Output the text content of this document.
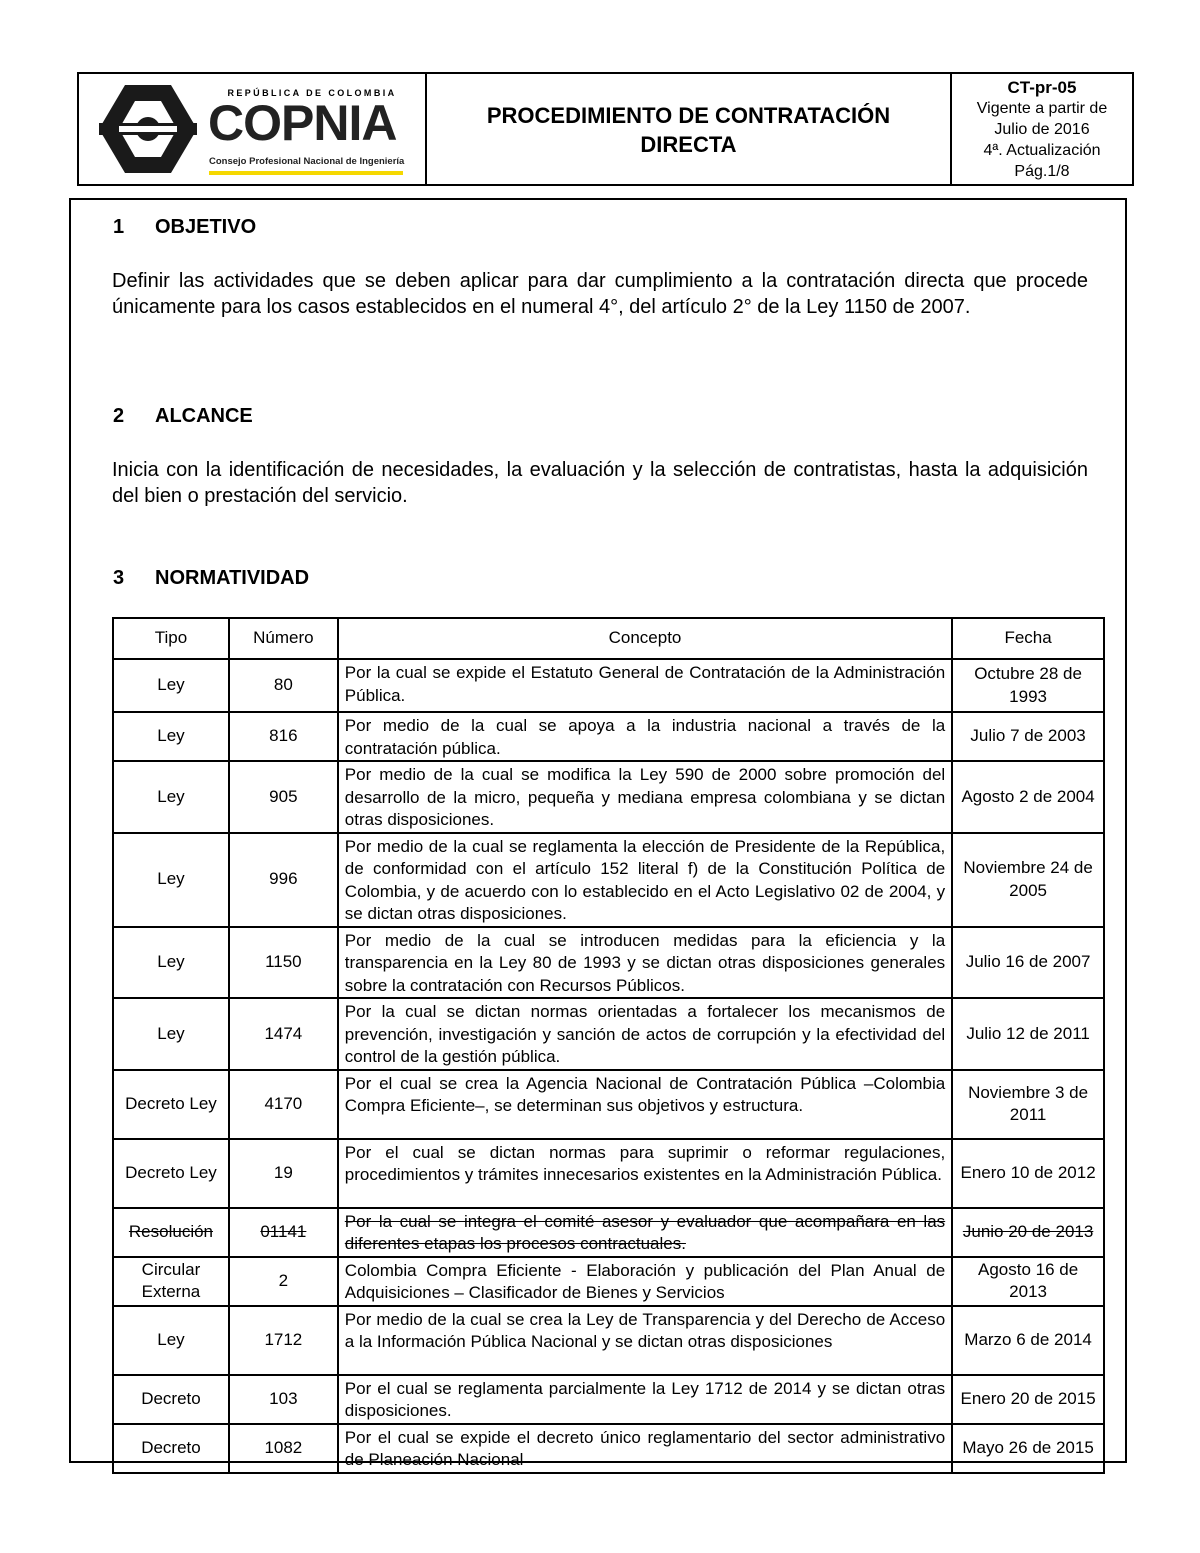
REPÚBLICA DE COLOMBIA
COPNIA
Consejo Profesional Nacional de Ingeniería
PROCEDIMIENTO DE CONTRATACIÓN
DIRECTA
CT-pr-05
Vigente a partir de
Julio de 2016
4ª. Actualización
Pág.1/8
1 OBJETIVO
Definir las actividades que se deben aplicar para dar cumplimiento a la contratación directa que procede únicamente para los casos establecidos en el numeral 4°, del artículo 2° de la Ley 1150 de 2007.
2 ALCANCE
Inicia con la identificación de necesidades, la evaluación y la selección de contratistas, hasta la adquisición del bien o prestación del servicio.
3 NORMATIVIDAD
Tipo	Número	Concepto	Fecha
Ley	80	Por la cual se expide el Estatuto General de Contratación de la Administración Pública.	Octubre 28 de 1993
Ley	816	Por medio de la cual se apoya a la industria nacional a través de la contratación pública.	Julio 7 de 2003
Ley	905	Por medio de la cual se modifica la Ley 590 de 2000 sobre promoción del desarrollo de la micro, pequeña y mediana empresa colombiana y se dictan otras disposiciones.	Agosto 2 de 2004
Ley	996	Por medio de la cual se reglamenta la elección de Presidente de la República, de conformidad con el artículo 152 literal f) de la Constitución Política de Colombia, y de acuerdo con lo establecido en el Acto Legislativo 02 de 2004, y se dictan otras disposiciones.	Noviembre 24 de 2005
Ley	1150	Por medio de la cual se introducen medidas para la eficiencia y la transparencia en la Ley 80 de 1993 y se dictan otras disposiciones generales sobre la contratación con Recursos Públicos.	Julio 16 de 2007
Ley	1474	Por la cual se dictan normas orientadas a fortalecer los mecanismos de prevención, investigación y sanción de actos de corrupción y la efectividad del control de la gestión pública.	Julio 12 de 2011
Decreto Ley	4170	Por el cual se crea la Agencia Nacional de Contratación Pública –Colombia Compra Eficiente–, se determinan sus objetivos y estructura.	Noviembre 3 de 2011
Decreto Ley	19	Por el cual se dictan normas para suprimir o reformar regulaciones, procedimientos y trámites innecesarios existentes en la Administración Pública.	Enero 10 de 2012
Resolución	01141	Por la cual se integra el comité asesor y evaluador que acompañara en las diferentes etapas los procesos contractuales.	Junio 20 de 2013
Circular Externa	2	Colombia Compra Eficiente - Elaboración y publicación del Plan Anual de Adquisiciones – Clasificador de Bienes y Servicios	Agosto 16 de 2013
Ley	1712	Por medio de la cual se crea la Ley de Transparencia y del Derecho de Acceso a la Información Pública Nacional y se dictan otras disposiciones	Marzo 6 de 2014
Decreto	103	Por el cual se reglamenta parcialmente la Ley 1712 de 2014 y se dictan otras disposiciones.	Enero 20 de 2015
Decreto	1082	Por el cual se expide el decreto único reglamentario del sector administrativo de Planeación Nacional	Mayo 26 de 2015
